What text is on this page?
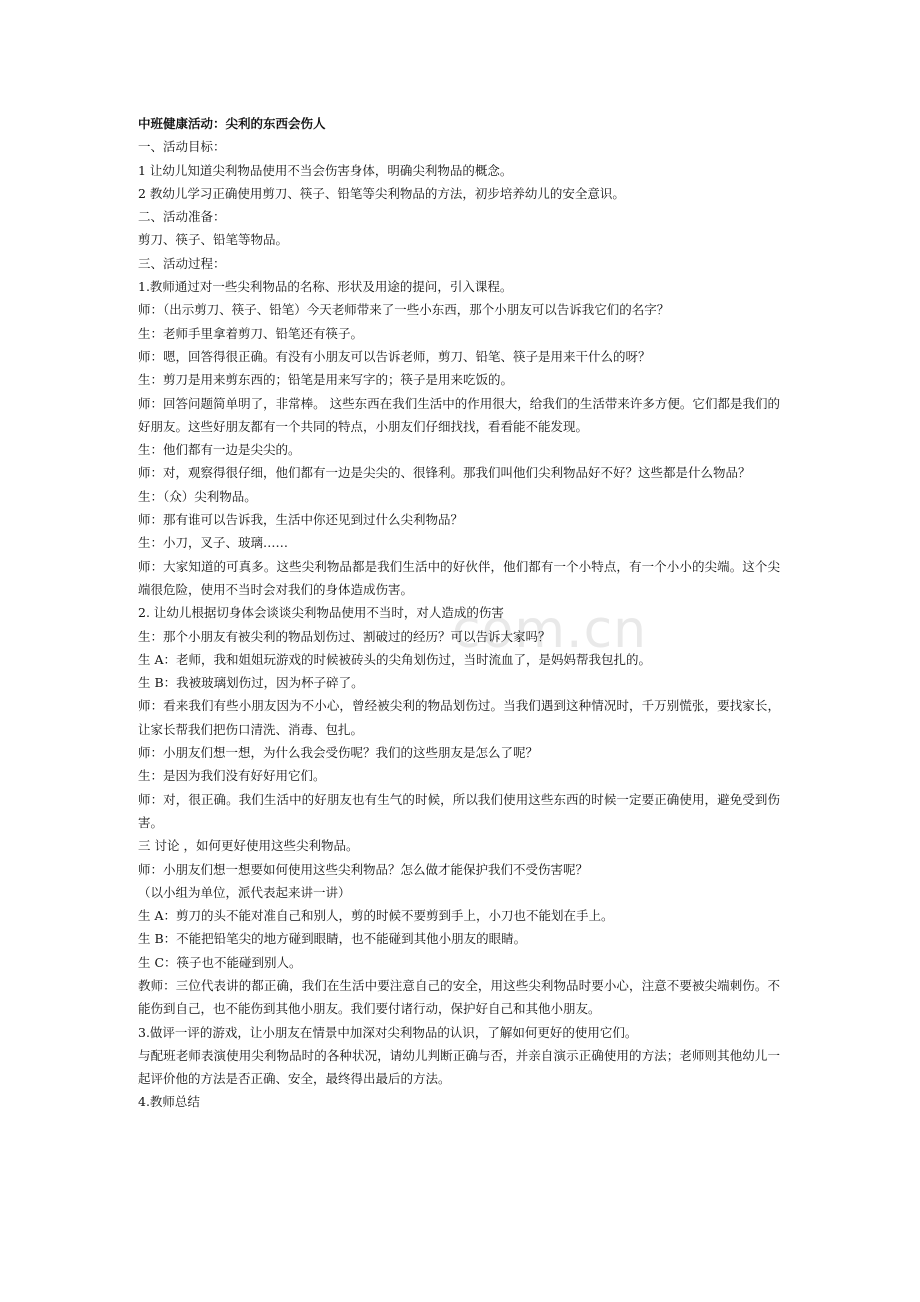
com.cn
中班健康活动：尖利的东西会伤人
一、活动目标：
1 让幼儿知道尖利物品使用不当会伤害身体，明确尖利物品的概念。
2 教幼儿学习正确使用剪刀、筷子、铅笔等尖利物品的方法，初步培养幼儿的安全意识。
二、活动准备：
剪刀、筷子、铅笔等物品。
三、活动过程：
1.教师通过对一些尖利物品的名称、形状及用途的提问，引入课程。
师：（出示剪刀、筷子、铅笔）今天老师带来了一些小东西，那个小朋友可以告诉我它们的名字？
生：老师手里拿着剪刀、铅笔还有筷子。
师：嗯，回答得很正确。有没有小朋友可以告诉老师，剪刀、铅笔、筷子是用来干什么的呀？
生：剪刀是用来剪东西的；铅笔是用来写字的；筷子是用来吃饭的。
师：回答问题简单明了，非常棒。 这些东西在我们生活中的作用很大，给我们的生活带来许多方便。它们都是我们的好朋友。这些好朋友都有一个共同的特点，小朋友们仔细找找，看看能不能发现。
生：他们都有一边是尖尖的。
师：对，观察得很仔细，他们都有一边是尖尖的、很锋利。那我们叫他们尖利物品好不好？这些都是什么物品？
生：（众）尖利物品。
师：那有谁可以告诉我，生活中你还见到过什么尖利物品？
生：小刀，叉子、玻璃……
师：大家知道的可真多。这些尖利物品都是我们生活中的好伙伴，他们都有一个小特点，有一个小小的尖端。这个尖端很危险，使用不当时会对我们的身体造成伤害。
2. 让幼儿根据切身体会谈谈尖利物品使用不当时，对人造成的伤害
生：那个小朋友有被尖利的物品划伤过、割破过的经历？可以告诉大家吗？
生 A：老师，我和姐姐玩游戏的时候被砖头的尖角划伤过，当时流血了，是妈妈帮我包扎的。
生 B：我被玻璃划伤过，因为杯子碎了。
师：看来我们有些小朋友因为不小心，曾经被尖利的物品划伤过。当我们遇到这种情况时，千万别慌张，要找家长，让家长帮我们把伤口清洗、消毒、包扎。
师：小朋友们想一想，为什么我会受伤呢？我们的这些朋友是怎么了呢？
生：是因为我们没有好好用它们。
师：对，很正确。我们生活中的好朋友也有生气的时候，所以我们使用这些东西的时候一定要正确使用，避免受到伤害。
三 讨论 ，如何更好使用这些尖利物品。
师：小朋友们想一想要如何使用这些尖利物品？怎么做才能保护我们不受伤害呢？
（以小组为单位，派代表起来讲一讲）
生 A：剪刀的头不能对准自己和别人，剪的时候不要剪到手上，小刀也不能划在手上。
生 B：不能把铅笔尖的地方碰到眼睛，也不能碰到其他小朋友的眼睛。
生 C：筷子也不能碰到别人。
教师：三位代表讲的都正确，我们在生活中要注意自己的安全，用这些尖利物品时要小心，注意不要被尖端刺伤。不能伤到自己，也不能伤到其他小朋友。我们要付诸行动，保护好自己和其他小朋友。
3.做评一评的游戏，让小朋友在情景中加深对尖利物品的认识，了解如何更好的使用它们。
与配班老师表演使用尖利物品时的各种状况，请幼儿判断正确与否，并亲自演示正确使用的方法；老师则其他幼儿一起评价他的方法是否正确、安全，最终得出最后的方法。
4.教师总结
